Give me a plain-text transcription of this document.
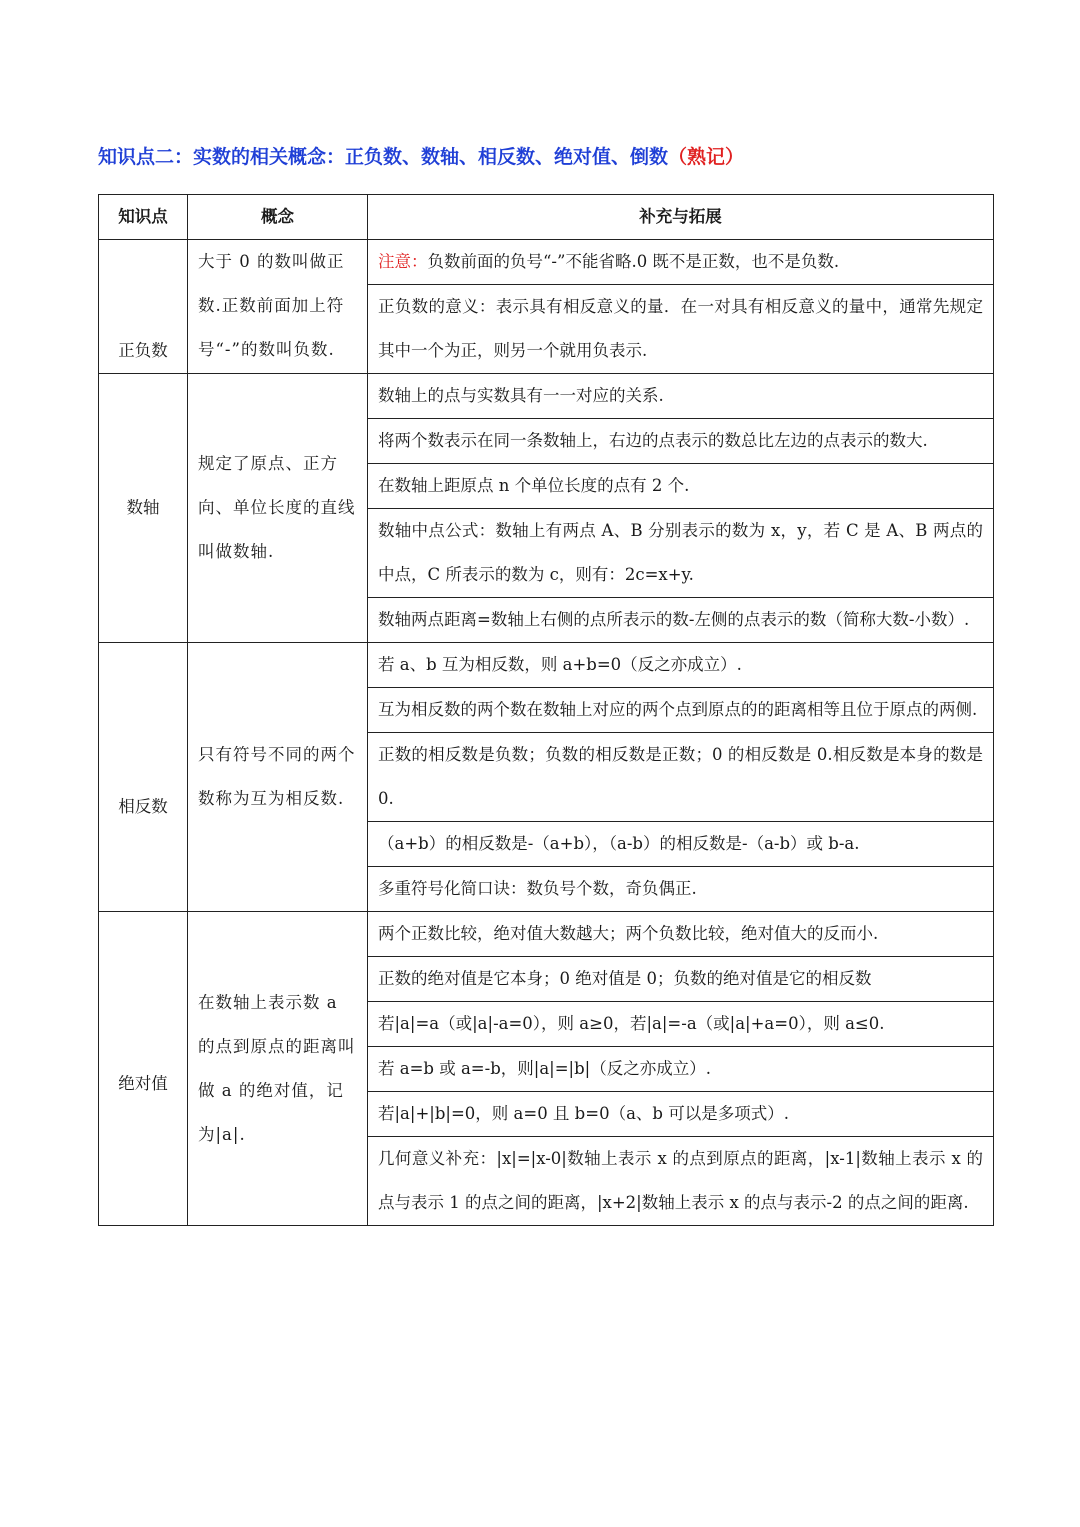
知识点二：实数的相关概念：正负数、数轴、相反数、绝对值、倒数（熟记）
知识点	概念	补充与拓展
正负数	大于 0 的数叫做正数.正数前面加上符号“-”的数叫负数.	注意：负数前面的负号“-”不能省略.0 既不是正数，也不是负数.
		正负数的意义：表示具有相反意义的量．在一对具有相反意义的量中，通常先规定其中一个为正，则另一个就用负表示.
数轴	规定了原点、正方向、单位长度的直线叫做数轴.	数轴上的点与实数具有一一对应的关系.
		将两个数表示在同一条数轴上，右边的点表示的数总比左边的点表示的数大.
		在数轴上距原点 n 个单位长度的点有 2 个.
		数轴中点公式：数轴上有两点 A、B 分别表示的数为 x，y，若 C 是 A、B 两点的中点，C 所表示的数为 c，则有：2c=x+y.
		数轴两点距离=数轴上右侧的点所表示的数-左侧的点表示的数（简称大数-小数）.
相反数	只有符号不同的两个数称为互为相反数.	若 a、b 互为相反数，则 a+b=0（反之亦成立）.
		互为相反数的两个数在数轴上对应的两个点到原点的的距离相等且位于原点的两侧.
		正数的相反数是负数；负数的相反数是正数；0 的相反数是 0.相反数是本身的数是 0.
		（a+b）的相反数是-（a+b），（a-b）的相反数是-（a-b）或 b-a.
		多重符号化简口诀：数负号个数，奇负偶正.
绝对值	在数轴上表示数 a 的点到原点的距离叫做 a 的绝对值，记为|a|.	两个正数比较，绝对值大数越大；两个负数比较，绝对值大的反而小.
		正数的绝对值是它本身；0 绝对值是 0；负数的绝对值是它的相反数
		若|a|=a（或|a|-a=0），则 a≥0，若|a|=-a（或|a|+a=0），则 a≤0.
		若 a=b 或 a=-b，则|a|=|b|（反之亦成立）.
		若|a|+|b|=0，则 a=0 且 b=0（a、b 可以是多项式）.
		几何意义补充：|x|=|x-0|数轴上表示 x 的点到原点的距离，|x-1|数轴上表示 x 的点与表示 1 的点之间的距离，|x+2|数轴上表示 x 的点与表示-2 的点之间的距离.
